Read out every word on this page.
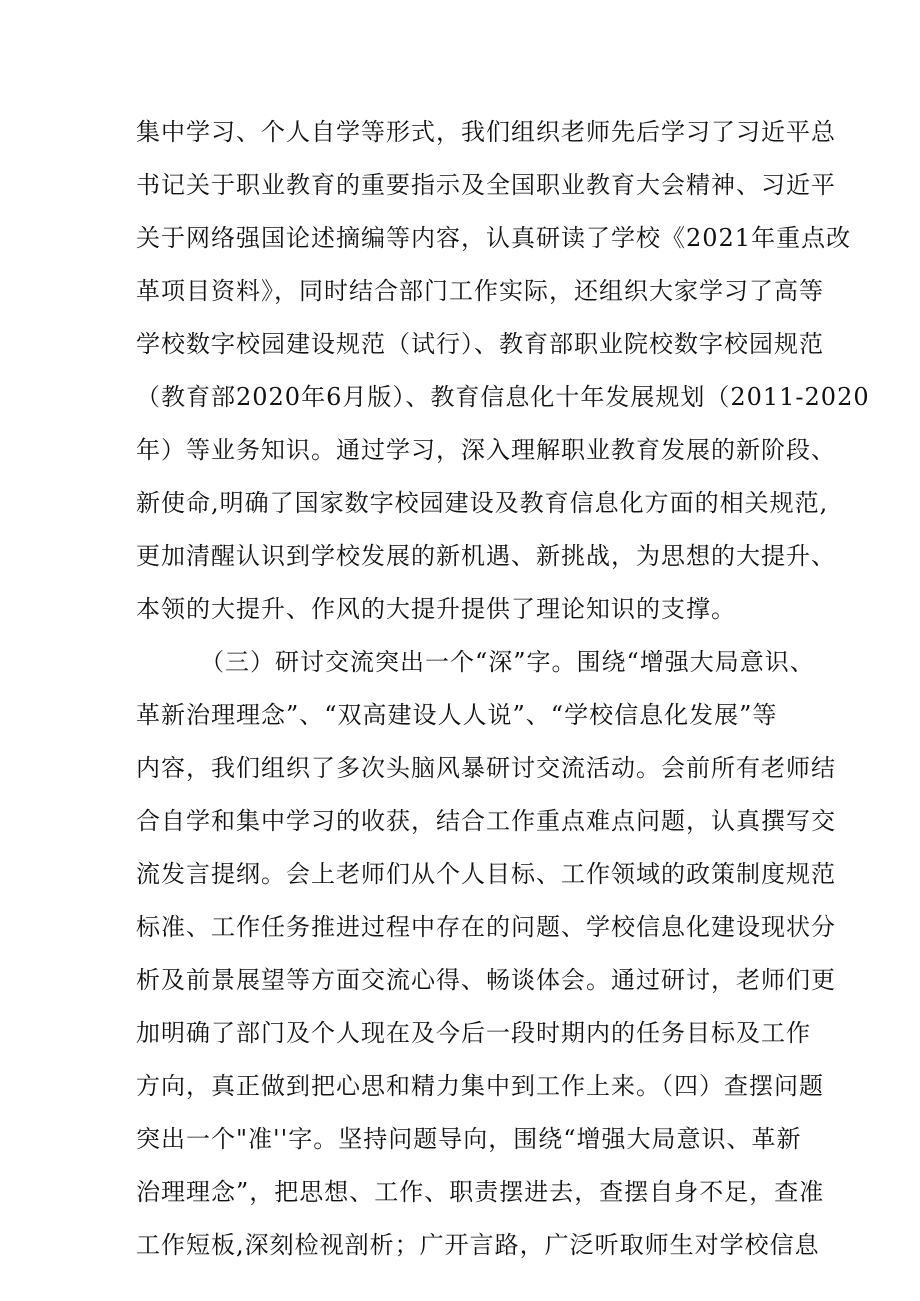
集中学习、个人自学等形式，我们组织老师先后学习了习近平总
书记关于职业教育的重要指示及全国职业教育大会精神、习近平
关于网络强国论述摘编等内容，认真研读了学校《2021年重点改
革项目资料》，同时结合部门工作实际，还组织大家学习了高等
学校数字校园建设规范（试行）、教育部职业院校数字校园规范
（教育部2020年6月版）、教育信息化十年发展规划（2011-2020
年）等业务知识。通过学习，深入理解职业教育发展的新阶段、
新使命,明确了国家数字校园建设及教育信息化方面的相关规范,
更加清醒认识到学校发展的新机遇、新挑战，为思想的大提升、
本领的大提升、作风的大提升提供了理论知识的支撑。
（三）研讨交流突出一个“深”字。围绕“增强大局意识、
革新治理理念”、“双高建设人人说”、“学校信息化发展”等
内容，我们组织了多次头脑风暴研讨交流活动。会前所有老师结
合自学和集中学习的收获，结合工作重点难点问题，认真撰写交
流发言提纲。会上老师们从个人目标、工作领域的政策制度规范
标准、工作任务推进过程中存在的问题、学校信息化建设现状分
析及前景展望等方面交流心得、畅谈体会。通过研讨，老师们更
加明确了部门及个人现在及今后一段时期内的任务目标及工作
方向，真正做到把心思和精力集中到工作上来。（四）查摆问题
突出一个"准''字。坚持问题导向，围绕“增强大局意识、革新
治理理念”，把思想、工作、职责摆进去，查摆自身不足，查准
工作短板,深刻检视剖析；广开言路，广泛听取师生对学校信息
